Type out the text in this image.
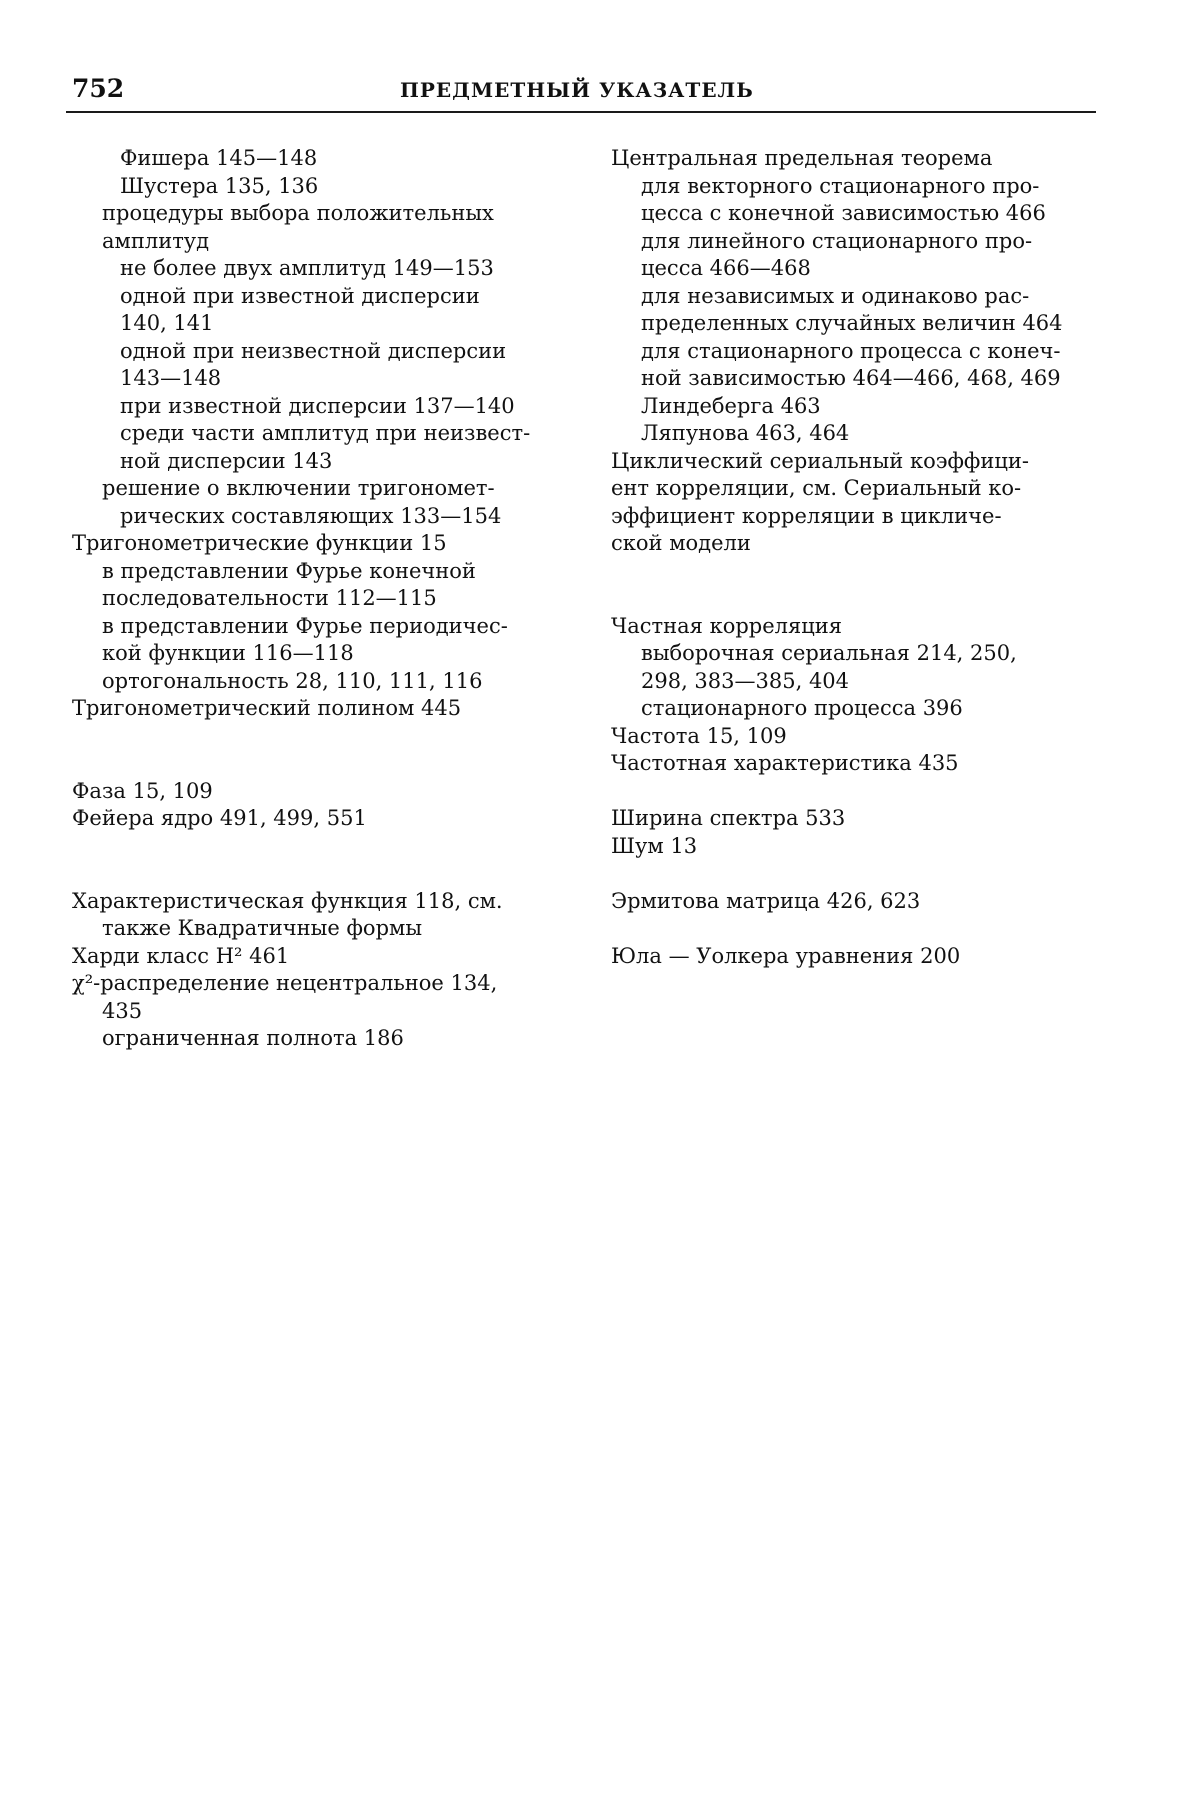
752	ПРЕДМЕТНЫЙ УКАЗАТЕЛЬ
Фишера 145—148
Шустера 135, 136
процедуры выбора положительных
амплитуд
не более двух амплитуд 149—153
одной при известной дисперсии
140, 141
одной при неизвестной дисперсии
143—148
при известной дисперсии 137—140
среди части амплитуд при неизвест-
ной дисперсии 143
решение о включении тригономет-
рических составляющих 133—154
Тригонометрические функции 15
в представлении Фурье конечной
последовательности 112—115
в представлении Фурье периодичес-
кой функции 116—118
ортогональность 28, 110, 111, 116
Тригонометрический полином 445
Фаза 15, 109
Фейера ядро 491, 499, 551
Характеристическая функция 118, см.
также Квадратичные формы
Харди класс H² 461
χ²-распределение нецентральное 134,
435
ограниченная полнота 186
Центральная предельная теорема
для векторного стационарного про-
цесса с конечной зависимостью 466
для линейного стационарного про-
цесса 466—468
для независимых и одинаково рас-
пределенных случайных величин 464
для стационарного процесса с конеч-
ной зависимостью 464—466, 468, 469
Линдеберга 463
Ляпунова 463, 464
Циклический сериальный коэффици-
ент корреляции, см. Сериальный ко-
эффициент корреляции в цикличе-
ской модели
Частная корреляция
выборочная сериальная 214, 250,
298, 383—385, 404
стационарного процесса 396
Частота 15, 109
Частотная характеристика 435
Ширина спектра 533
Шум 13
Эрмитова матрица 426, 623
Юла — Уолкера уравнения 200
